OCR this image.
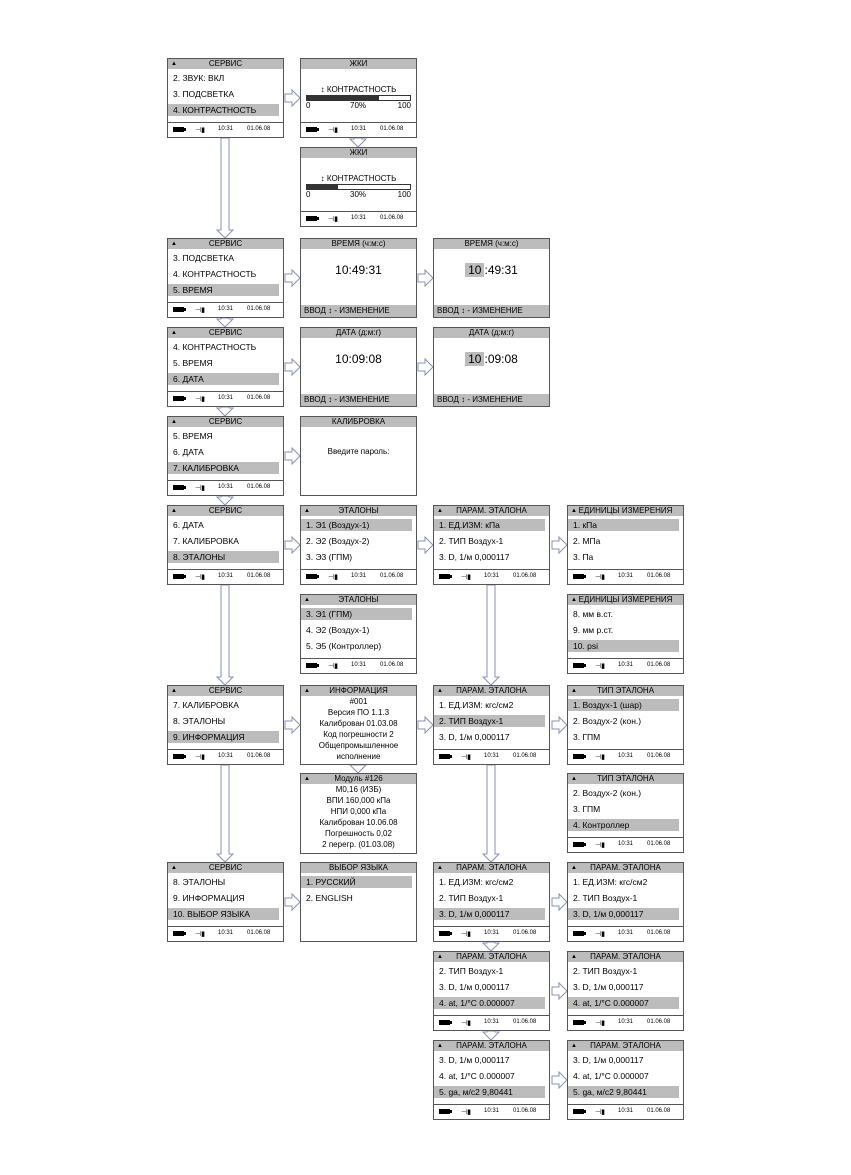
▲	СЕРВИС
2. ЗВУК: ВКЛ
3. ПОДСВЕТКА
4. КОНТРАСТНОСТЬ
⊣▮ 10:31 01.06.08
▲	СЕРВИС
3. ПОДСВЕТКА
4. КОНТРАСТНОСТЬ
5. ВРЕМЯ
⊣▮ 10:31 01.06.08
▲	СЕРВИС
4. КОНТРАСТНОСТЬ
5. ВРЕМЯ
6. ДАТА
⊣▮ 10:31 01.06.08
▲	СЕРВИС
5. ВРЕМЯ
6. ДАТА
7. КАЛИБРОВКА
⊣▮ 10:31 01.06.08
▲	СЕРВИС
6. ДАТА
7. КАЛИБРОВКА
8. ЭТАЛОНЫ
⊣▮ 10:31 01.06.08
▲	СЕРВИС
7. КАЛИБРОВКА
8. ЭТАЛОНЫ
9. ИНФОРМАЦИЯ
⊣▮ 10:31 01.06.08
▲	СЕРВИС
8. ЭТАЛОНЫ
9. ИНФОРМАЦИЯ
10. ВЫБОР ЯЗЫКА
⊣▮ 10:31 01.06.08
ЖКИ
↕ КОНТРАСТНОСТЬ
0	70%	100
⊣▮ 10:31 01.06.08
ЖКИ
↕ КОНТРАСТНОСТЬ
0	30%	100
⊣▮ 10:31 01.06.08
ВРЕМЯ (ч:м:с)
10:49:31
ВВОД ↕ - ИЗМЕНЕНИЕ
ВРЕМЯ (ч:м:с)
10 :49:31
ВВОД ↕ - ИЗМЕНЕНИЕ
ДАТА (д:м:г)
10:09:08
ВВОД ↕ - ИЗМЕНЕНИЕ
ДАТА (д:м:г)
10 :09:08
ВВОД ↕ - ИЗМЕНЕНИЕ
КАЛИБРОВКА
Введите пароль:
▲	ЭТАЛОНЫ
1. Э1 (Воздух-1)
2. Э2 (Воздух-2)
3. Э3 (ГПМ)
⊣▮ 10:31 01.06.08
▲	ЭТАЛОНЫ
3. Э1 (ГПМ)
4. Э2 (Воздух-1)
5. Э5 (Контроллер)
⊣▮ 10:31 01.06.08
▲ ЕДИНИЦЫ ИЗМЕРЕНИЯ
1. кПа
2. МПа
3. Па
⊣▮ 10:31 01.06.08
▲ ЕДИНИЦЫ ИЗМЕРЕНИЯ
8. мм в.ст.
9. мм р.ст.
10. psi
⊣▮ 10:31 01.06.08
▲ ПАРАМ. ЭТАЛОНА
1. ЕД.ИЗМ: кПа
2. ТИП Воздух-1
3. D, 1/м 0,000117
⊣▮ 10:31 01.06.08
▲ ПАРАМ. ЭТАЛОНА
1. ЕД.ИЗМ: кгс/см2
2. ТИП Воздух-1
3. D, 1/м 0,000117
⊣▮ 10:31 01.06.08
▲ ПАРАМ. ЭТАЛОНА
1. ЕД.ИЗМ: кгс/см2
2. ТИП Воздух-1
3. D, 1/м 0,000117
⊣▮ 10:31 01.06.08
▲ ПАРАМ. ЭТАЛОНА
1. ЕД.ИЗМ: кгс/см2
2. ТИП Воздух-1
3. D, 1/м 0,000117
⊣▮ 10:31 01.06.08
▲ ПАРАМ. ЭТАЛОНА
2. ТИП Воздух-1
3. D, 1/м 0,000117
4. at, 1/°C 0.000007
⊣▮ 10:31 01.06.08
▲ ПАРАМ. ЭТАЛОНА
2. ТИП Воздух-1
3. D, 1/м 0,000117
4. at, 1/°C 0.000007
⊣▮ 10:31 01.06.08
▲ ПАРАМ. ЭТАЛОНА
3. D, 1/м 0,000117
4. at, 1/°C 0.000007
5. ga, м/с2 9,80441
⊣▮ 10:31 01.06.08
▲ ПАРАМ. ЭТАЛОНА
3. D, 1/м 0,000117
4. at, 1/°C 0.000007
5. ga, м/с2 9,80441
⊣▮ 10:31 01.06.08
▲	ТИП ЭТАЛОНА
1. Воздух-1 (шар)
2. Воздух-2 (кон.)
3. ГПМ
⊣▮ 10:31 01.06.08
▲	ТИП ЭТАЛОНА
2. Воздух-2 (кон.)
3. ГПМ
4. Контроллер
⊣▮ 10:31 01.06.08
▲ ИНФОРМАЦИЯ
#001
Версия ПО 1.1.3
Калиброван 01.03.08
Код погрешности 2
Общепромышленное
исполнение
▲	Модуль #126
М0,16 (ИЗБ)
ВПИ 160,000 кПа
НПИ 0,000 кПа
Калиброван 10.06.08
Погрешность 0,02
2 перегр. (01.03.08)
ВЫБОР ЯЗЫКА
1. РУССКИЙ
2. ENGLISH
. . .	. . .
. . .
